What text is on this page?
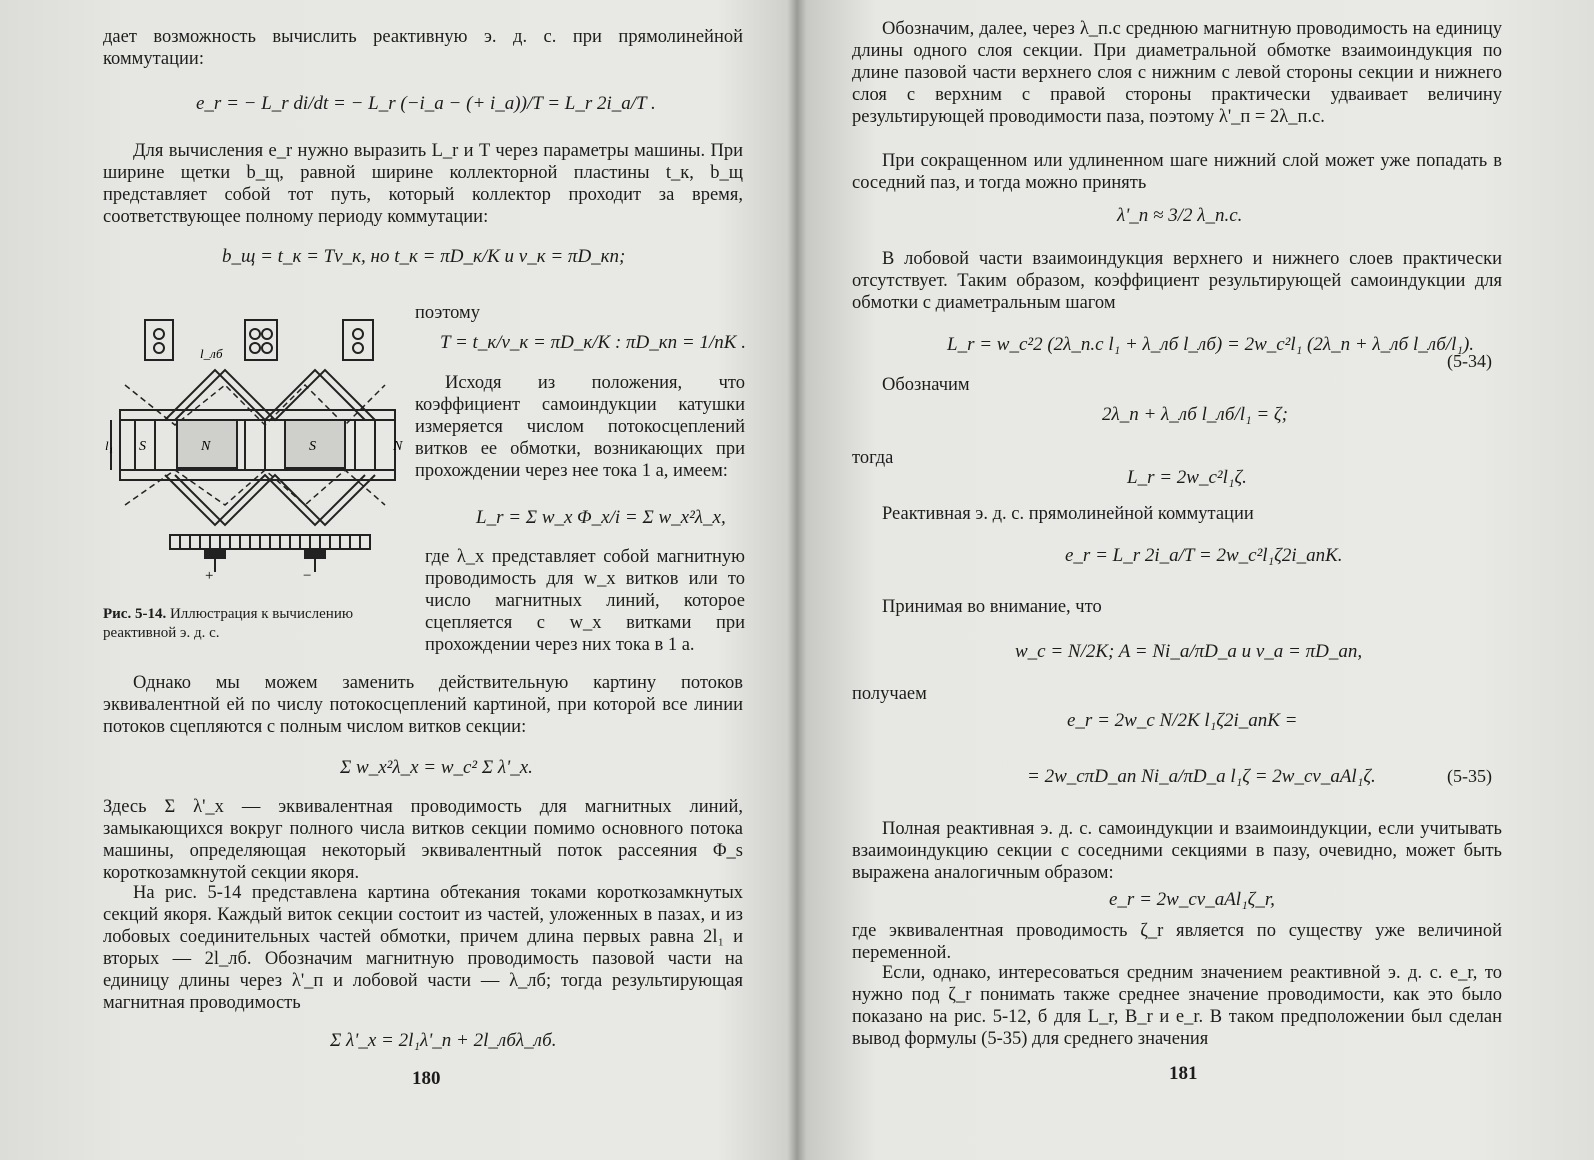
дает возможность вычислить реактивную э. д. с. при прямолинейной коммутации:

e_r = − L_r di/dt = − L_r (−i_a − (+ i_a))/T = L_r 2i_a/T .

Для вычисления e_r нужно выразить L_r и T через параметры машины. При ширине щетки b_щ, равной ширине коллекторной пластины t_к, b_щ представляет собой тот путь, который коллектор проходит за время, соответствующее полному периоду коммутации:

b_щ = t_к = Tv_к, но t_к = πD_к/K и v_к = πD_кn;
поэтому
T = t_к/v_к = πD_к/K : πD_кn = 1/nK .
l_лб
l₁ S	N	S	N
+	−
Рис. 5-14. Иллюстрация к вычислению реактивной э. д. с.

Исходя из положения, что коэффициент самоиндукции катушки измеряется числом потокосцеплений витков ее обмотки, возникающих при прохождении через нее тока 1 а, имеем:

L_r = Σ w_x Φ_x/i = Σ w_x²λ_x,

где λ_x представляет собой магнитную проводимость для w_x витков или то число магнитных линий, которое сцепляется с w_x витками при прохождении через них тока в 1 а.

Однако мы можем заменить действительную картину потоков эквивалентной ей по числу потокосцеплений картиной, при которой все линии потоков сцепляются с полным числом витков секции:

Σ w_x²λ_x = w_c² Σ λ'_x.

Здесь Σ λ'_x — эквивалентная проводимость для магнитных линий, замыкающихся вокруг полного числа витков секции помимо основного потока машины, определяющая некоторый эквивалентный поток рассеяния Φ_s короткозамкнутой секции якоря.

На рис. 5-14 представлена картина обтекания токами короткозамкнутых секций якоря. Каждый виток секции состоит из частей, уложенных в пазах, и из лобовых соединительных частей обмотки, причем длина первых равна 2l₁ и вторых — 2l_лб. Обозначим магнитную проводимость пазовой части на единицу длины через λ'_п и лобовой части — λ_лб; тогда результирующая магнитная проводимость

Σ λ'_x = 2l₁λ'_п + 2l_лбλ_лб.
180

Обозначим, далее, через λ_п.с среднюю магнитную проводимость на единицу длины одного слоя секции. При диаметральной обмотке взаимоиндукция по длине пазовой части верхнего слоя с нижним с левой стороны секции и нижнего слоя с верхним с правой стороны практически удваивает величину результирующей проводимости паза, поэтому λ'_п = 2λ_п.с.

При сокращенном или удлиненном шаге нижний слой может уже попадать в соседний паз, и тогда можно принять

λ'_п ≈ 3/2 λ_п.с.

В лобовой части взаимоиндукция верхнего и нижнего слоев практически отсутствует. Таким образом, коэффициент результирующей самоиндукции для обмотки с диаметральным шагом

L_r = w_c²2 (2λ_п.с l₁ + λ_лб l_лб) = 2w_c²l₁ (2λ_п + λ_лб l_лб/l₁).
(5-34)
Обозначим
2λ_п + λ_лб l_лб/l₁ = ζ;
тогда
L_r = 2w_c²l₁ζ.
Реактивная э. д. с. прямолинейной коммутации
e_r = L_r 2i_a/T = 2w_c²l₁ζ2i_anK.
Принимая во внимание, что
w_c = N/2K; A = Ni_a/πD_a и v_a = πD_an,
получаем
e_r = 2w_c N/2K l₁ζ2i_anK =
= 2w_cπD_an Ni_a/πD_a l₁ζ = 2w_cv_aAl₁ζ.	(5-35)

Полная реактивная э. д. с. самоиндукции и взаимоиндукции, если учитывать взаимоиндукцию секции с соседними секциями в пазу, очевидно, может быть выражена аналогичным образом:

e_r = 2w_cv_aAl₁ζ_r,

где эквивалентная проводимость ζ_r является по существу уже величиной переменной.

Если, однако, интересоваться средним значением реактивной э. д. с. e_r, то нужно под ζ_r понимать также среднее значение проводимости, как это было показано на рис. 5-12, б для L_r, B_r и e_r. В таком предположении был сделан вывод формулы (5-35) для среднего значения

181
